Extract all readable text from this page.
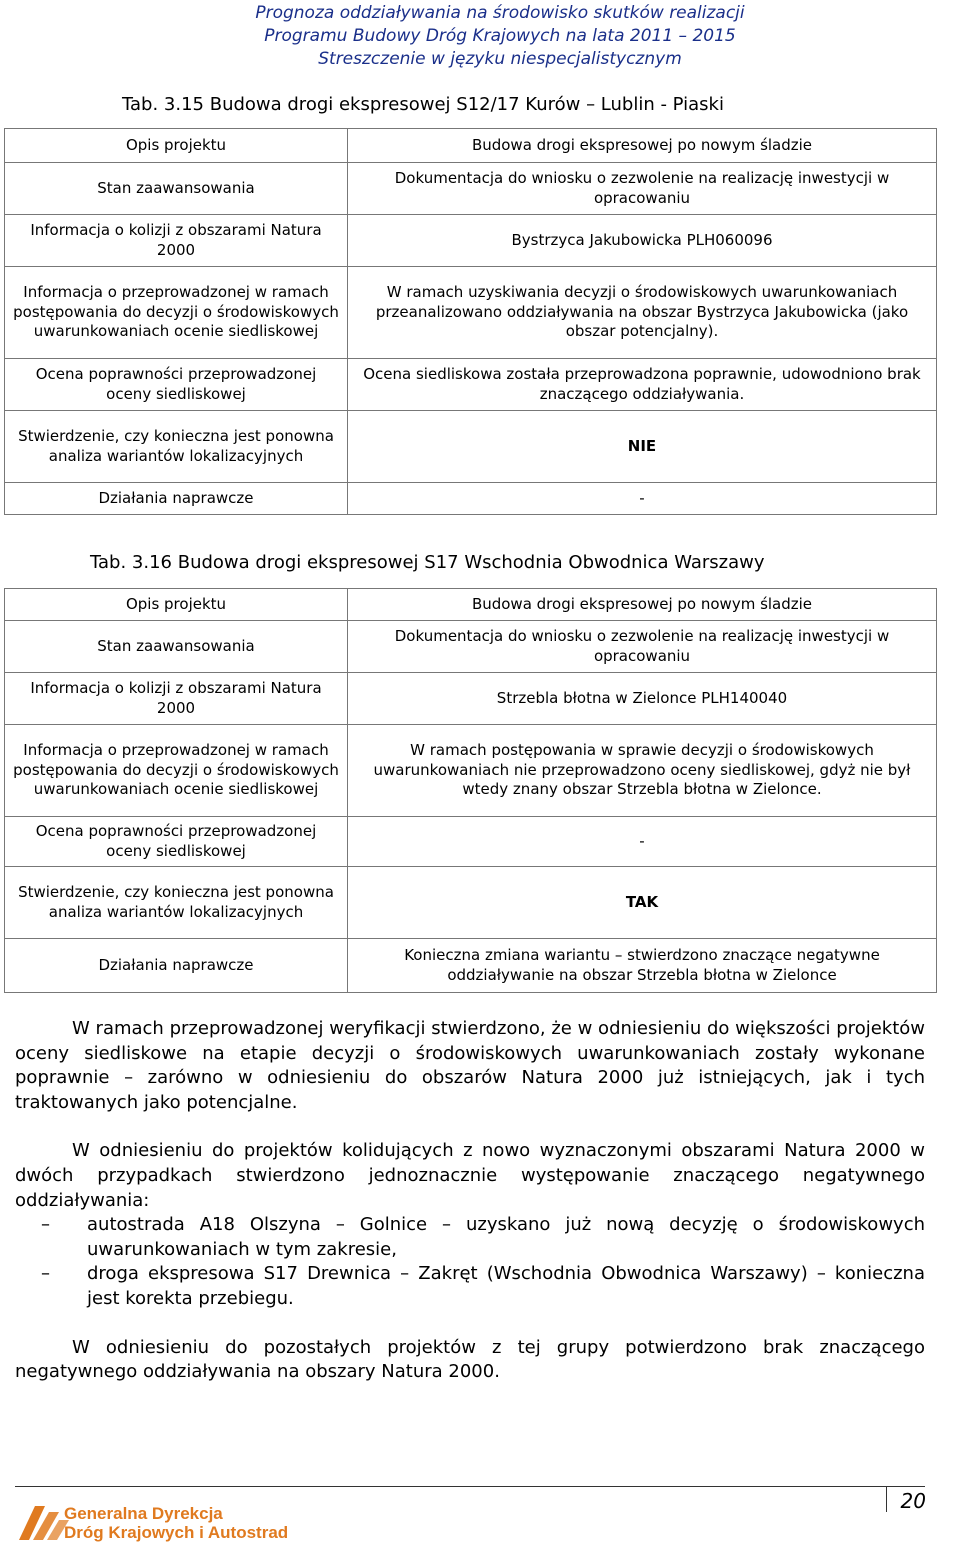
Prognoza oddziaływania na środowisko skutków realizacji
Programu Budowy Dróg Krajowych na lata 2011 – 2015
Streszczenie w języku niespecjalistycznym
Tab. 3.15 Budowa drogi ekspresowej S12/17 Kurów – Lublin - Piaski
Opis projektu	Budowa drogi ekspresowej po nowym śladzie
Stan zaawansowania	Dokumentacja do wniosku o zezwolenie na realizację inwestycji w opracowaniu
Informacja o kolizji z obszarami Natura 2000	Bystrzyca Jakubowicka PLH060096
Informacja o przeprowadzonej w ramach postępowania do decyzji o środowiskowych uwarunkowaniach ocenie siedliskowej	W ramach uzyskiwania decyzji o środowiskowych uwarunkowaniach przeanalizowano oddziaływania na obszar Bystrzyca Jakubowicka (jako obszar potencjalny).
Ocena poprawności przeprowadzonej oceny siedliskowej	Ocena siedliskowa została przeprowadzona poprawnie, udowodniono brak znaczącego oddziaływania.
Stwierdzenie, czy konieczna jest ponowna analiza wariantów lokalizacyjnych	NIE
Działania naprawcze	-
Tab. 3.16 Budowa drogi ekspresowej S17 Wschodnia Obwodnica Warszawy
Opis projektu	Budowa drogi ekspresowej po nowym śladzie
Stan zaawansowania	Dokumentacja do wniosku o zezwolenie na realizację inwestycji w opracowaniu
Informacja o kolizji z obszarami Natura 2000	Strzebla błotna w Zielonce PLH140040
Informacja o przeprowadzonej w ramach postępowania do decyzji o środowiskowych uwarunkowaniach ocenie siedliskowej	W ramach postępowania w sprawie decyzji o środowiskowych uwarunkowaniach nie przeprowadzono oceny siedliskowej, gdyż nie był wtedy znany obszar Strzebla błotna w Zielonce.
Ocena poprawności przeprowadzonej oceny siedliskowej	-
Stwierdzenie, czy konieczna jest ponowna analiza wariantów lokalizacyjnych	TAK
Działania naprawcze	Konieczna zmiana wariantu – stwierdzono znaczące negatywne oddziaływanie na obszar Strzebla błotna w Zielonce

W ramach przeprowadzonej weryfikacji stwierdzono, że w odniesieniu do większości projektów oceny siedliskowe na etapie decyzji o środowiskowych uwarunkowaniach zostały wykonane poprawnie – zarówno w odniesieniu do obszarów Natura 2000 już istniejących, jak i tych traktowanych jako potencjalne.

W odniesieniu do projektów kolidujących z nowo wyznaczonymi obszarami Natura 2000 w dwóch przypadkach stwierdzono jednoznacznie występowanie znaczącego negatywnego oddziaływania:

– autostrada A18 Olszyna – Golnice – uzyskano już nową decyzję o środowiskowych uwarunkowaniach w tym zakresie,
– droga ekspresowa S17 Drewnica – Zakręt (Wschodnia Obwodnica Warszawy) – konieczna jest korekta przebiegu.

W odniesieniu do pozostałych projektów z tej grupy potwierdzono brak znaczącego negatywnego oddziaływania na obszary Natura 2000.

20
Generalna Dyrekcja
Dróg Krajowych i Autostrad
